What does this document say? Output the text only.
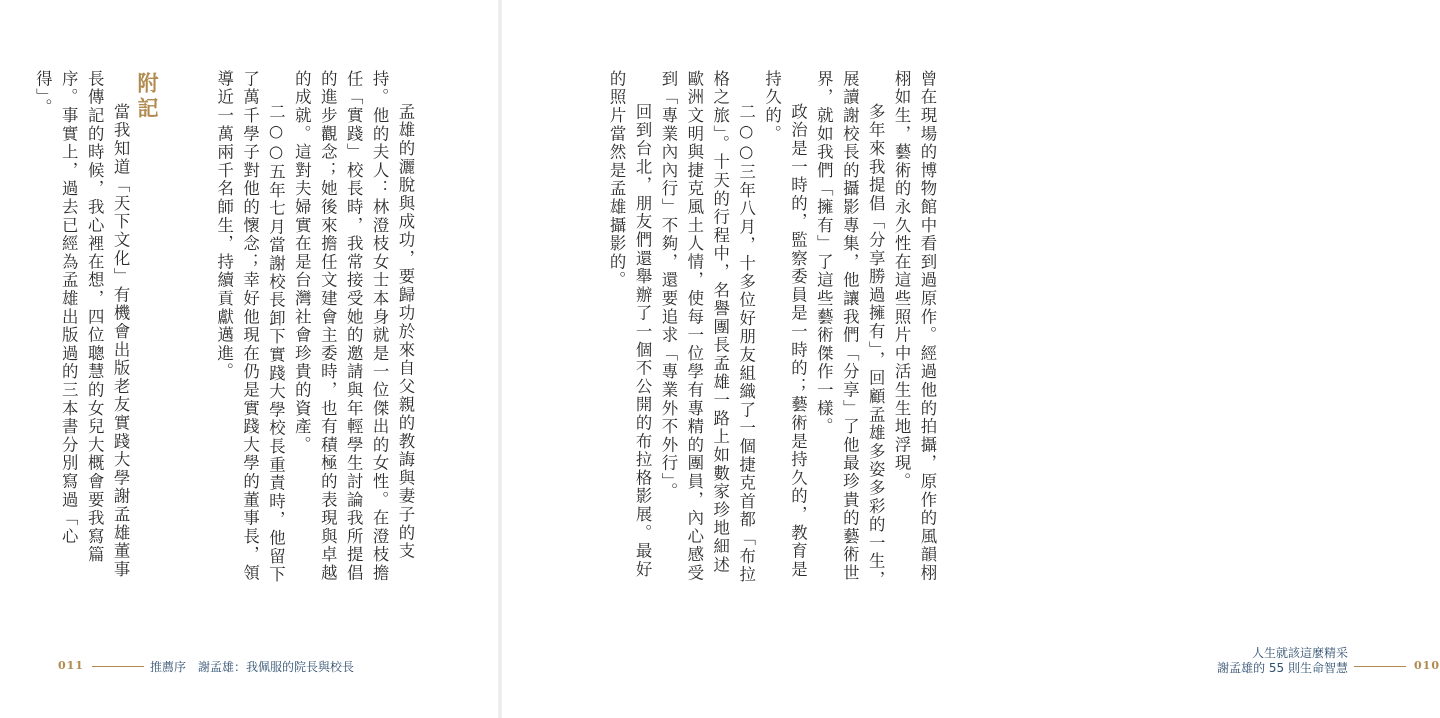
曾在現場的博物館中看到過原作。經過他的拍攝，原作的風韻栩栩如生，藝術的永久性在這些照片中活生生地浮現。

多年來我提倡「分享勝過擁有」，回顧孟雄多姿多彩的一生，展讀謝校長的攝影專集，他讓我們「分享」了他最珍貴的藝術世界，就如我們「擁有」了這些藝術傑作一樣。

政治是一時的，監察委員是一時的；藝術是持久的，教育是持久的。

二○○三年八月，十多位好朋友組織了一個捷克首都「布拉格之旅」。十天的行程中，名譽團長孟雄一路上如數家珍地細述歐洲文明與捷克風土人情，使每一位學有專精的團員，內心感受到「專業內內行」不夠，還要追求「專業外不外行」。

回到台北，朋友們還舉辦了一個不公開的布拉格影展。最好的照片當然是孟雄攝影的。

人生就該這麼精采
謝孟雄的 55 則生命智慧	010

孟雄的灑脫與成功，要歸功於來自父親的教誨與妻子的支持。他的夫人：林澄枝女士本身就是一位傑出的女性。在澄枝擔任「實踐」校長時，我常接受她的邀請與年輕學生討論我所提倡的進步觀念；她後來擔任文建會主委時，也有積極的表現與卓越的成就。這對夫婦實在是台灣社會珍貴的資產。

二○○五年七月當謝校長卸下實踐大學校長重責時，他留下了萬千學子對他的懷念；幸好他現在仍是實踐大學的董事長，領導近一萬兩千名師生，持續貢獻邁進。

附記

當我知道「天下文化」有機會出版老友實踐大學謝孟雄董事長傳記的時候，我心裡在想，四位聰慧的女兒大概會要我寫篇序。事實上，過去已經為孟雄出版過的三本書分別寫過「心得」。

011	推薦序　謝孟雄：我佩服的院長與校長
